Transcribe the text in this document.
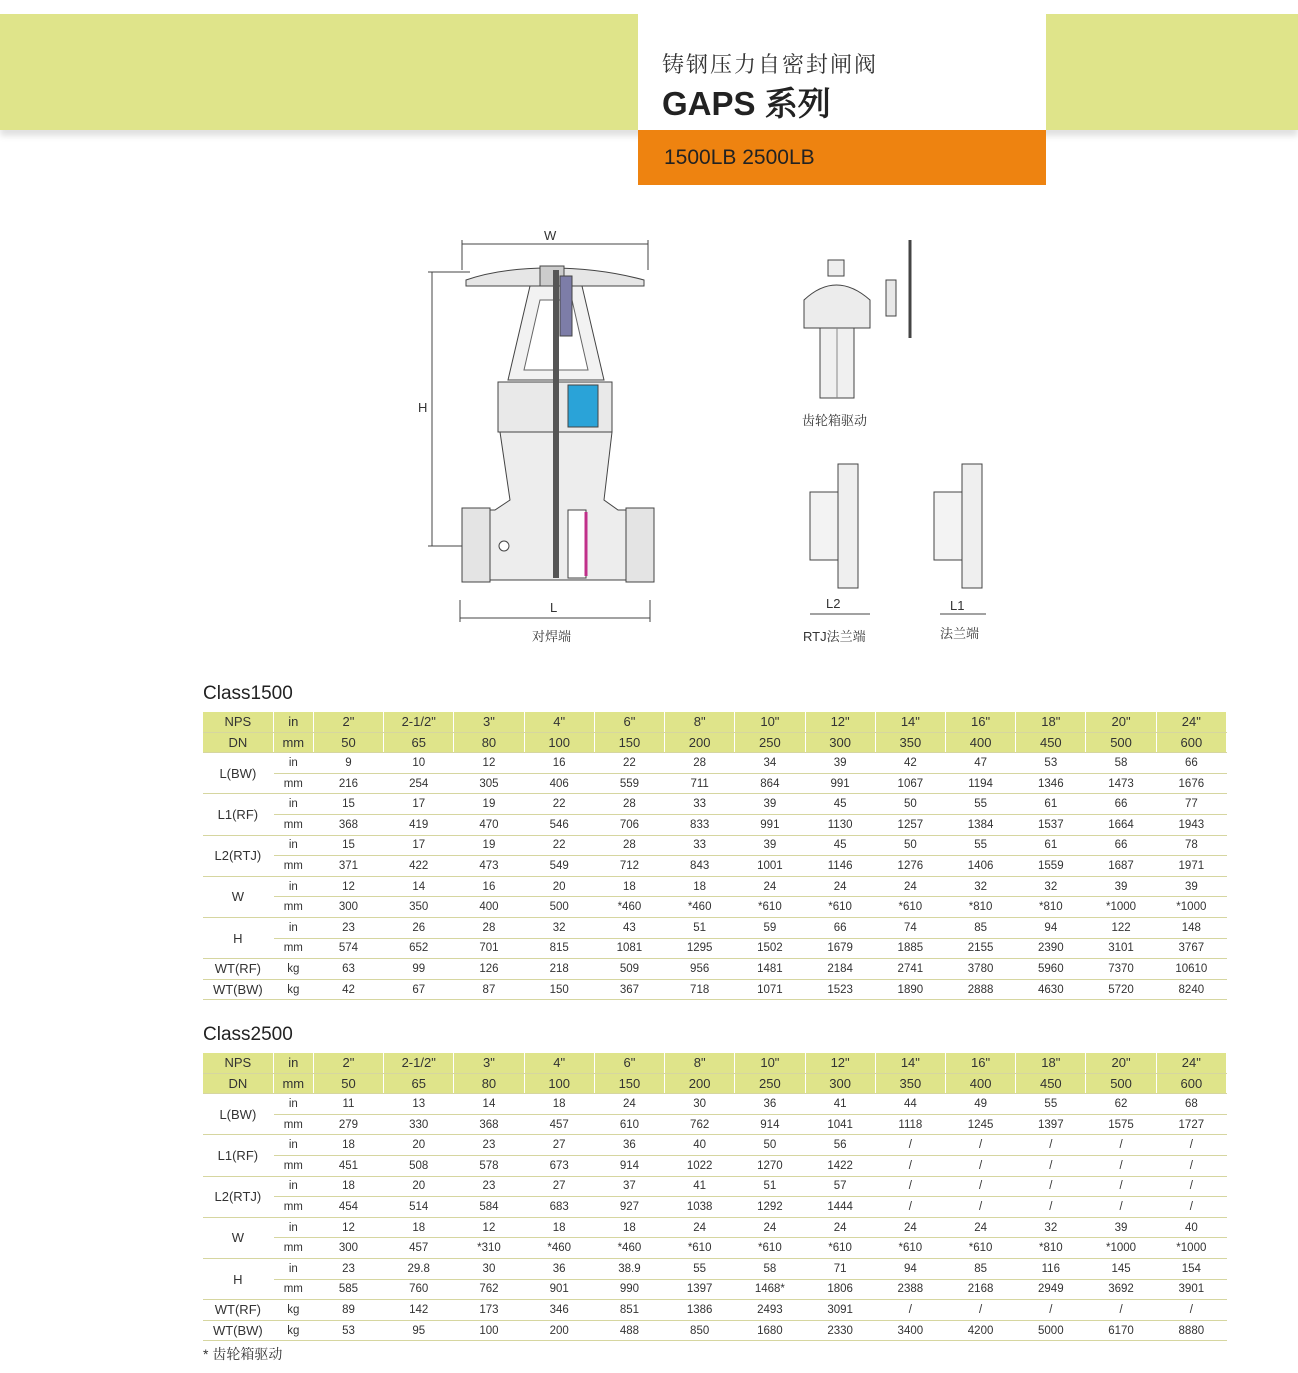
铸钢压力自密封闸阀
GAPS 系列
1500LB 2500LB
W
H
L	L2	L1
齿轮箱驱动
对焊端	RTJ法兰端	法兰端
Class1500
NPS	in	2"	2-1/2"	3"	4"	6"	8"	10"	12"	14"	16"	18"	20"	24"
DN	mm	50	65	80	100	150	200	250	300	350	400	450	500	600
L(BW)	in	9	10	12	16	22	28	34	39	42	47	53	58	66
	mm	216	254	305	406	559	711	864	991	1067	1194	1346	1473	1676
L1(RF)	in	15	17	19	22	28	33	39	45	50	55	61	66	77
	mm	368	419	470	546	706	833	991	1130	1257	1384	1537	1664	1943
L2(RTJ)	in	15	17	19	22	28	33	39	45	50	55	61	66	78
	mm	371	422	473	549	712	843	1001	1146	1276	1406	1559	1687	1971
W	in	12	14	16	20	18	18	24	24	24	32	32	39	39
	mm	300	350	400	500	*460	*460	*610	*610	*610	*810	*810	*1000	*1000
H	in	23	26	28	32	43	51	59	66	74	85	94	122	148
	mm	574	652	701	815	1081	1295	1502	1679	1885	2155	2390	3101	3767
WT(RF)	kg	63	99	126	218	509	956	1481	2184	2741	3780	5960	7370	10610
WT(BW)	kg	42	67	87	150	367	718	1071	1523	1890	2888	4630	5720	8240
Class2500
NPS	in	2"	2-1/2"	3"	4"	6"	8"	10"	12"	14"	16"	18"	20"	24"
DN	mm	50	65	80	100	150	200	250	300	350	400	450	500	600
L(BW)	in	11	13	14	18	24	30	36	41	44	49	55	62	68
	mm	279	330	368	457	610	762	914	1041	1118	1245	1397	1575	1727
L1(RF)	in	18	20	23	27	36	40	50	56	/	/	/	/	/
	mm	451	508	578	673	914	1022	1270	1422	/	/	/	/	/
L2(RTJ)	in	18	20	23	27	37	41	51	57	/	/	/	/	/
	mm	454	514	584	683	927	1038	1292	1444	/	/	/	/	/
W	in	12	18	12	18	18	24	24	24	24	24	32	39	40
	mm	300	457	*310	*460	*460	*610	*610	*610	*610	*610	*810	*1000	*1000
H	in	23	29.8	30	36	38.9	55	58	71	94	85	116	145	154
	mm	585	760	762	901	990	1397	1468*	1806	2388	2168	2949	3692	3901
WT(RF)	kg	89	142	173	346	851	1386	2493	3091	/	/	/	/	/
WT(BW)	kg	53	95	100	200	488	850	1680	2330	3400	4200	5000	6170	8880
* 齿轮箱驱动
